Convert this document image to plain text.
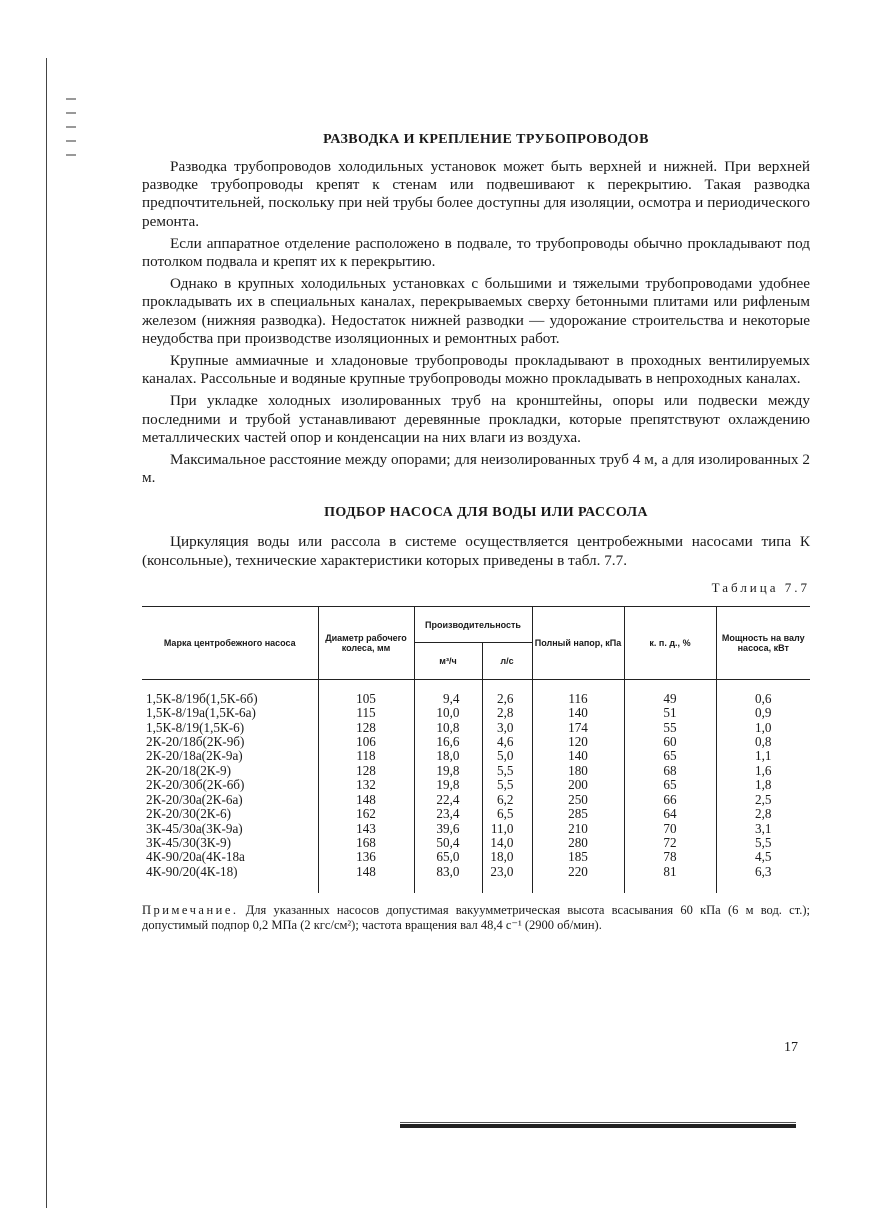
РАЗВОДКА И КРЕПЛЕНИЕ ТРУБОПРОВОДОВ

Разводка трубопроводов холодильных установок может быть верхней и нижней. При верхней разводке трубопроводы крепят к стенам или подвешивают к перекрытию. Такая разводка предпочтительней, поскольку при ней трубы более доступны для изоляции, осмотра и периодического ремонта.

Если аппаратное отделение расположено в подвале, то трубопроводы обычно прокладывают под потолком подвала и крепят их к перекрытию.

Однако в крупных холодильных установках с большими и тяжелыми трубопроводами удобнее прокладывать их в специальных каналах, перекрываемых сверху бетонными плитами или рифленым железом (нижняя разводка). Недостаток нижней разводки — удорожание строительства и некоторые неудобства при производстве изоляционных и ремонтных работ.

Крупные аммиачные и хладоновые трубопроводы прокладывают в проходных вентилируемых каналах. Рассольные и водяные крупные трубопроводы можно прокладывать в непроходных каналах.

При укладке холодных изолированных труб на кронштейны, опоры или подвески между последними и трубой устанавливают деревянные прокладки, которые препятствуют охлаждению металлических частей опор и конденсации на них влаги из воздуха.

Максимальное расстояние между опорами; для неизолированных труб 4 м, а для изолированных 2 м.

ПОДБОР НАСОСА ДЛЯ ВОДЫ ИЛИ РАССОЛА

Циркуляция воды или рассола в системе осуществляется центробежными насосами типа К (консольные), технические характеристики которых приведены в табл. 7.7.

Таблица 7.7
Марка центробежного насоса	Диаметр рабочего колеса, мм	Производительность		Полный напор, кПа	к. п. д., %	Мощность на валу насоса, кВт
		м³/ч	л/с			
1,5К-8/19б(1,5К-6б)	105	9,4	2,6	116	49	0,6
1,5К-8/19а(1,5К-6а)	115	10,0	2,8	140	51	0,9
1,5К-8/19(1,5К-6)	128	10,8	3,0	174	55	1,0
2К-20/18б(2К-9б)	106	16,6	4,6	120	60	0,8
2К-20/18а(2К-9а)	118	18,0	5,0	140	65	1,1
2К-20/18(2К-9)	128	19,8	5,5	180	68	1,6
2К-20/30б(2К-6б)	132	19,8	5,5	200	65	1,8
2К-20/30а(2К-6а)	148	22,4	6,2	250	66	2,5
2К-20/30(2К-6)	162	23,4	6,5	285	64	2,8
3К-45/30а(3К-9а)	143	39,6	11,0	210	70	3,1
3К-45/30(3К-9)	168	50,4	14,0	280	72	5,5
4К-90/20а(4К-18а	136	65,0	18,0	185	78	4,5
4К-90/20(4К-18)	148	83,0	23,0	220	81	6,3
Примечание. Для указанных насосов допустимая вакуумметрическая высота всасывания 60 кПа (6 м вод. ст.); допустимый подпор 0,2 МПа (2 кгс/см²); частота вращения вал 48,4 с⁻¹ (2900 об/мин).
17
